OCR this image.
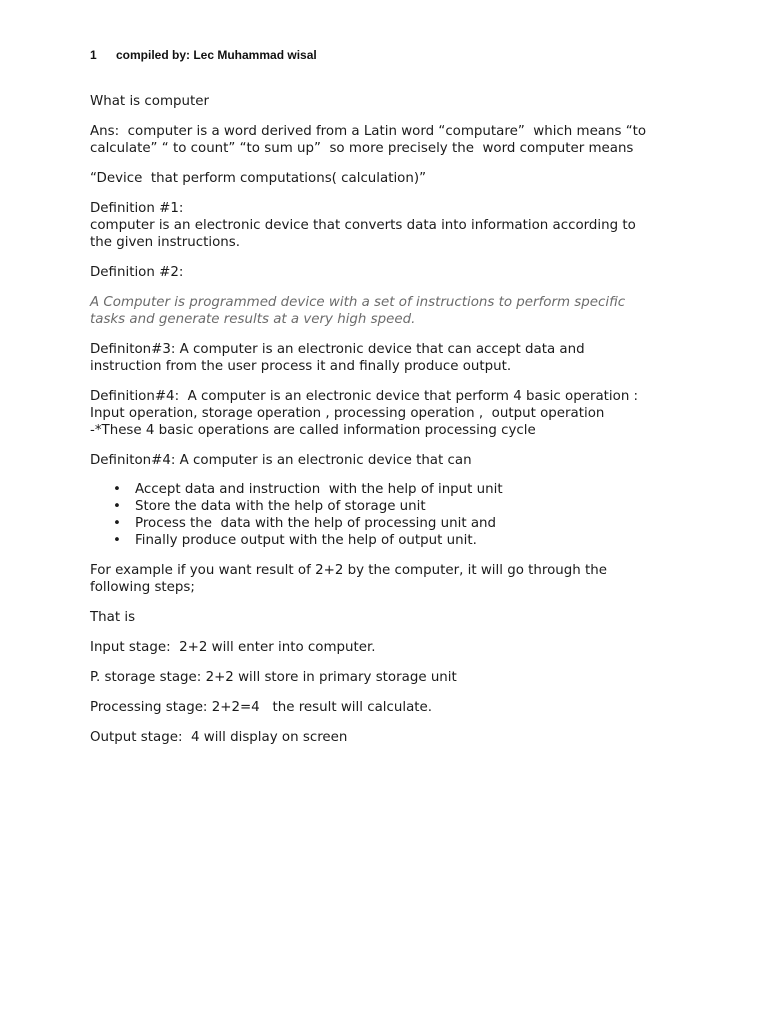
1 compiled by: Lec Muhammad wisal

What is computer

Ans:  computer is a word derived from a Latin word “computare”  which means “to
calculate” “ to count” “to sum up”  so more precisely the  word computer means

“Device  that perform computations( calculation)”

Definition #1:
computer is an electronic device that converts data into information according to
the given instructions.

Definition #2:

A Computer is programmed device with a set of instructions to perform specific
tasks and generate results at a very high speed.

Definiton#3: A computer is an electronic device that can accept data and
instruction from the user process it and finally produce output.

Definition#4:  A computer is an electronic device that perform 4 basic operation :
Input operation, storage operation , processing operation ,  output operation
-*These 4 basic operations are called information processing cycle

Definiton#4: A computer is an electronic device that can

• Accept data and instruction  with the help of input unit
• Store the data with the help of storage unit
• Process the  data with the help of processing unit and
• Finally produce output with the help of output unit.

For example if you want result of 2+2 by the computer, it will go through the
following steps;

That is

Input stage:  2+2 will enter into computer.

P. storage stage: 2+2 will store in primary storage unit

Processing stage: 2+2=4   the result will calculate.

Output stage:  4 will display on screen
